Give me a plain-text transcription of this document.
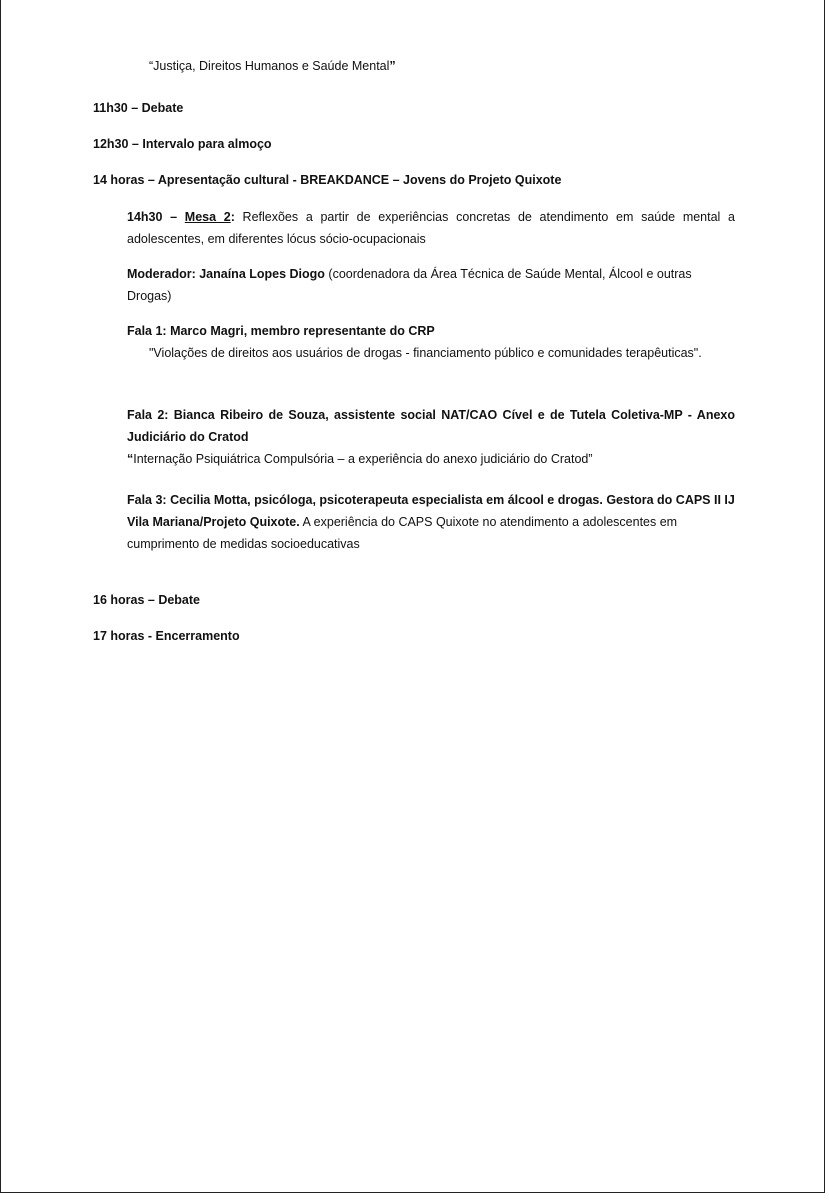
“Justiça, Direitos Humanos e Saúde Mental”
11h30 – Debate
12h30 – Intervalo para almoço
14 horas – Apresentação cultural - BREAKDANCE – Jovens do Projeto Quixote
14h30 – Mesa 2: Reflexões a partir de experiências concretas de atendimento em saúde mental a adolescentes, em diferentes lócus sócio-ocupacionais
Moderador: Janaína Lopes Diogo (coordenadora da Área Técnica de Saúde Mental, Álcool e outras Drogas)
Fala 1: Marco Magri, membro representante do CRP
"Violações de direitos aos usuários de drogas - financiamento público e comunidades terapêuticas".
Fala 2: Bianca Ribeiro de Souza, assistente social NAT/CAO Cível e de Tutela Coletiva-MP - Anexo Judiciário do Cratod
“Internação Psiquiátrica Compulsória – a experiência do anexo judiciário do Cratod”
Fala 3: Cecilia Motta, psicóloga, psicoterapeuta especialista em álcool e drogas. Gestora do CAPS II IJ Vila Mariana/Projeto Quixote. A experiência do CAPS Quixote no atendimento a adolescentes em cumprimento de medidas socioeducativas
16 horas – Debate
17 horas - Encerramento
